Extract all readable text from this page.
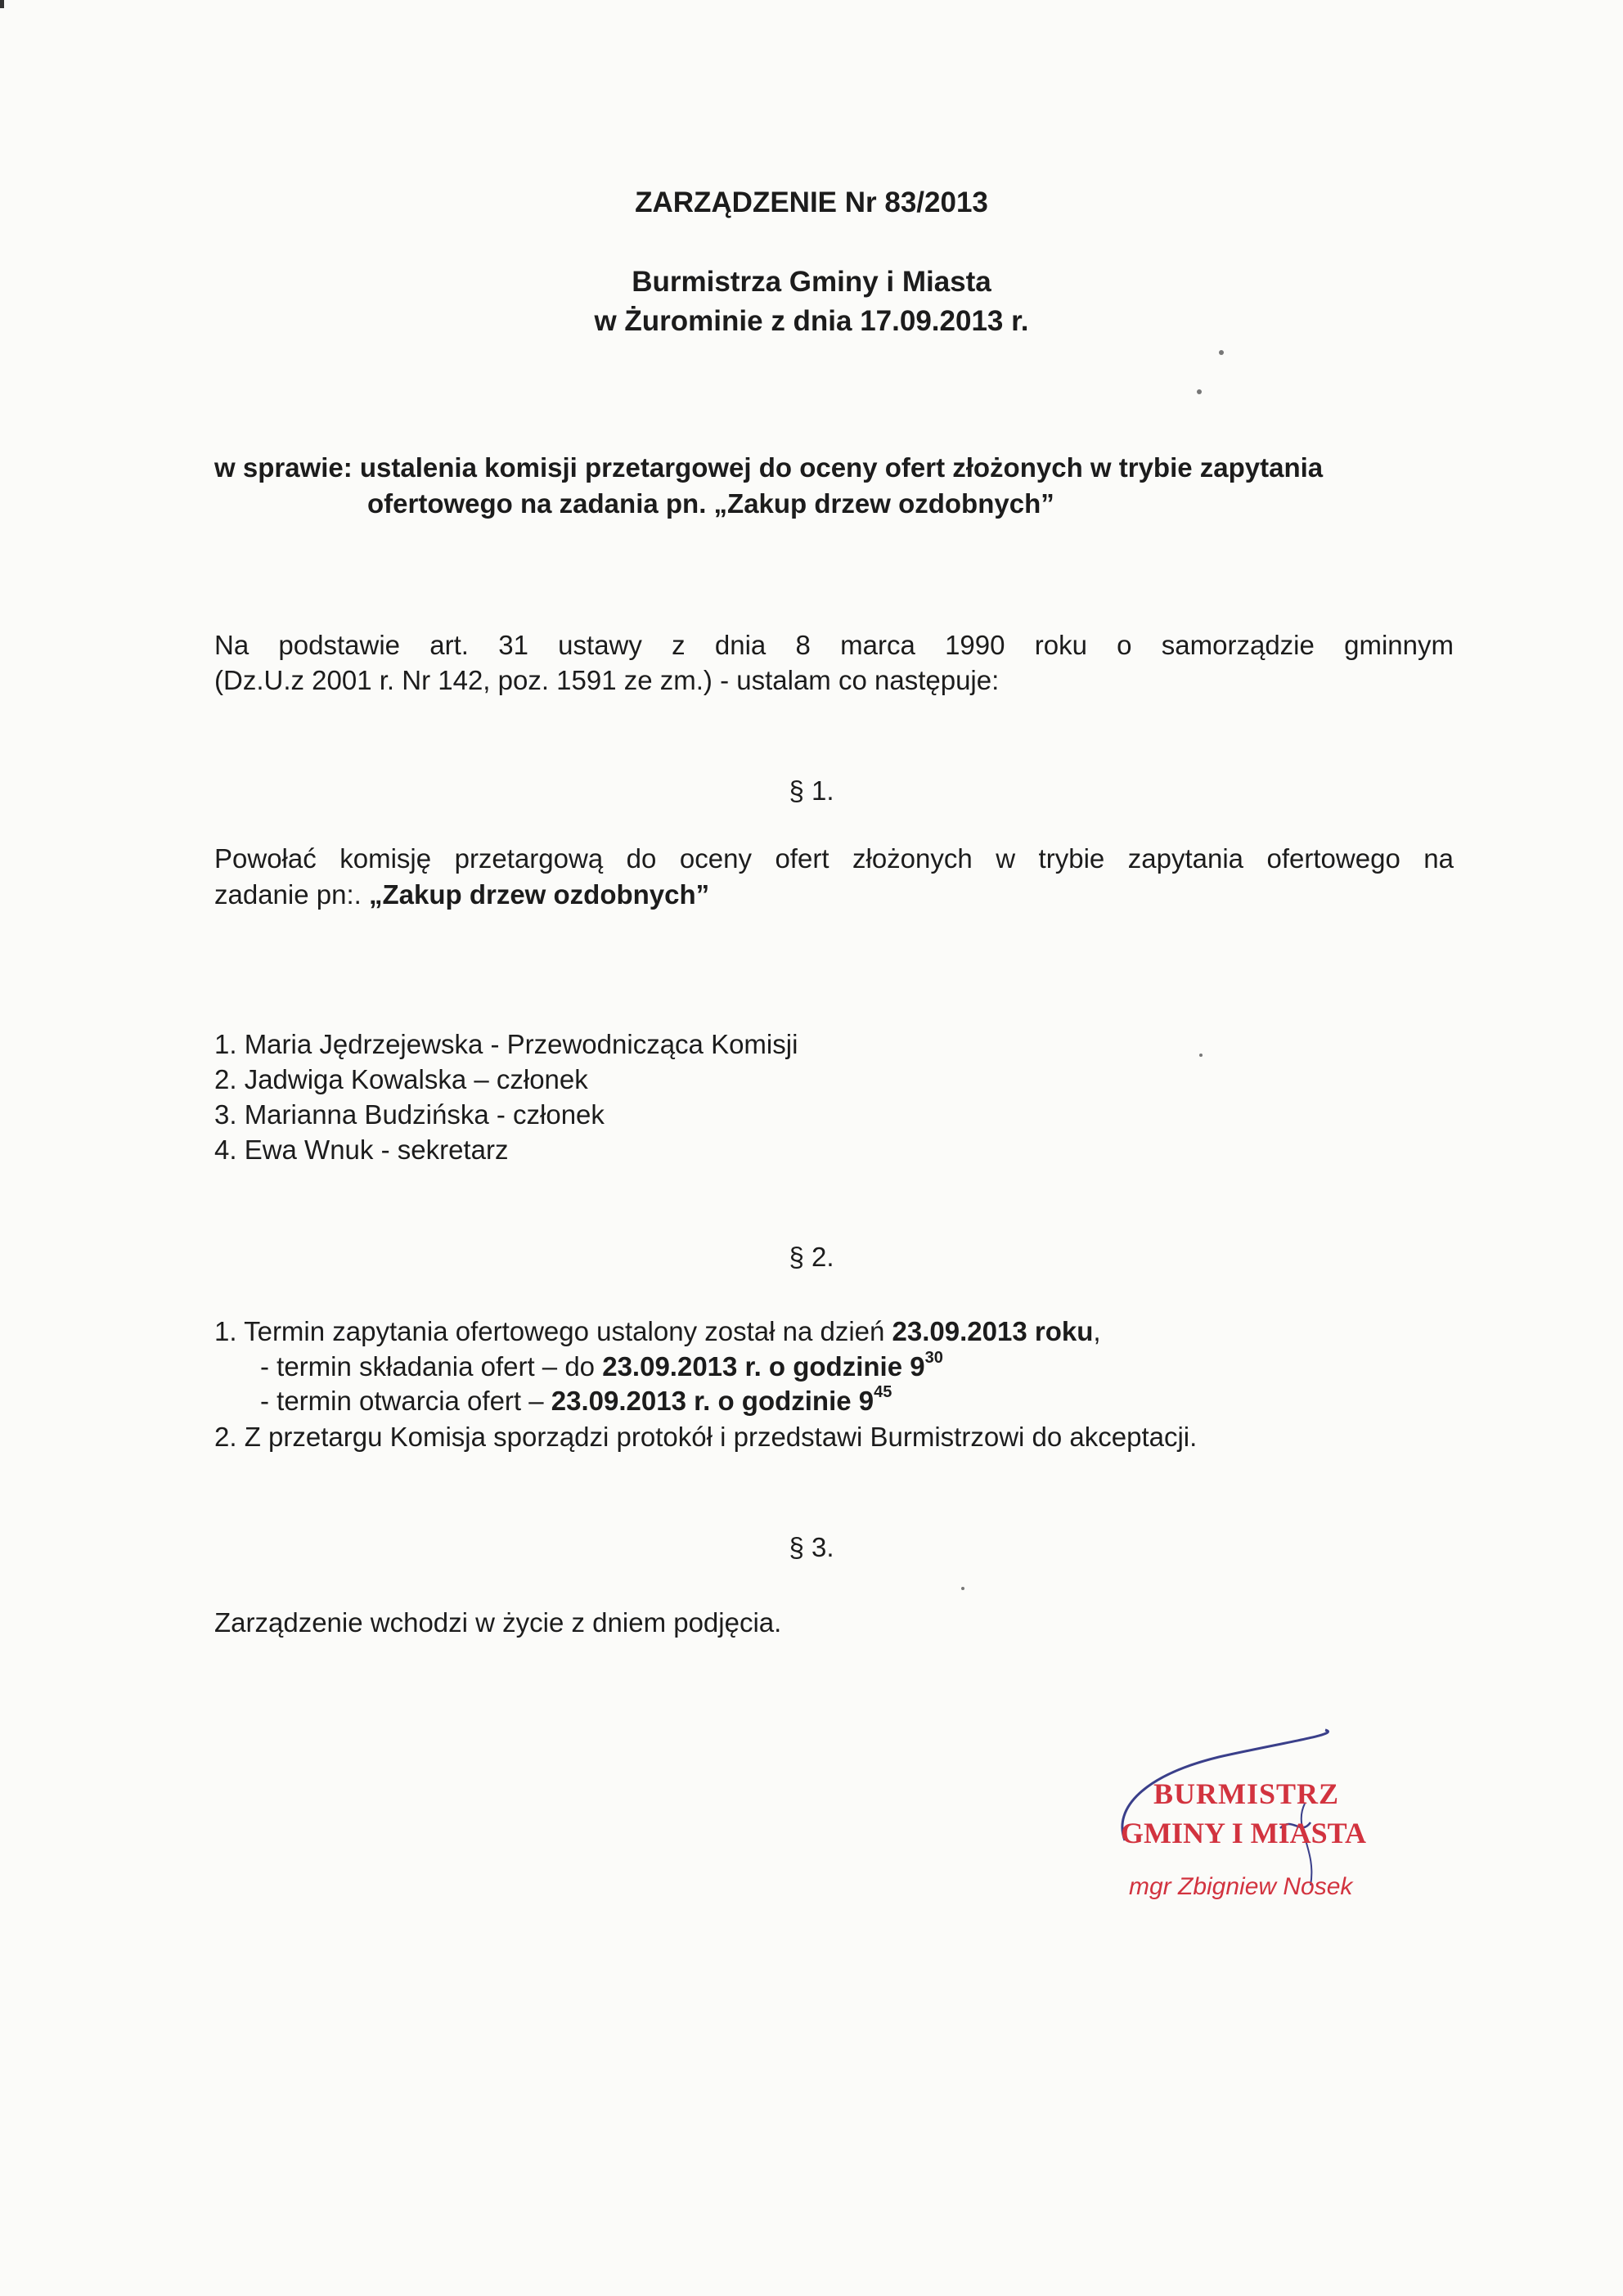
ZARZĄDZENIE Nr 83/2013
Burmistrza Gminy i Miasta
w Żurominie z dnia 17.09.2013 r.
w sprawie: ustalenia komisji przetargowej do oceny ofert złożonych w trybie zapytania
ofertowego na zadania pn. „Zakup drzew ozdobnych”
Na podstawie art. 31 ustawy z dnia 8 marca 1990 roku o samorządzie gminnym
(Dz.U.z 2001 r. Nr 142, poz. 1591 ze zm.) - ustalam co następuje:
§ 1.
Powołać komisję przetargową do oceny ofert złożonych w trybie zapytania ofertowego na
zadanie pn:. „Zakup drzew ozdobnych”
1. Maria Jędrzejewska - Przewodnicząca Komisji
2. Jadwiga Kowalska – członek
3. Marianna Budzińska - członek
4. Ewa Wnuk - sekretarz
§ 2.
1. Termin zapytania ofertowego ustalony został na dzień 23.09.2013 roku,
- termin składania ofert – do 23.09.2013 r. o godzinie $9^{30}$
- termin otwarcia ofert – 23.09.2013 r. o godzinie $9^{45}$
2. Z przetargu Komisja sporządzi protokół i przedstawi Burmistrzowi do akceptacji.
§ 3.
Zarządzenie wchodzi w życie z dniem podjęcia.
BURMISTRZ
GMINY I MIASTA
mgr Zbigniew Nosek
